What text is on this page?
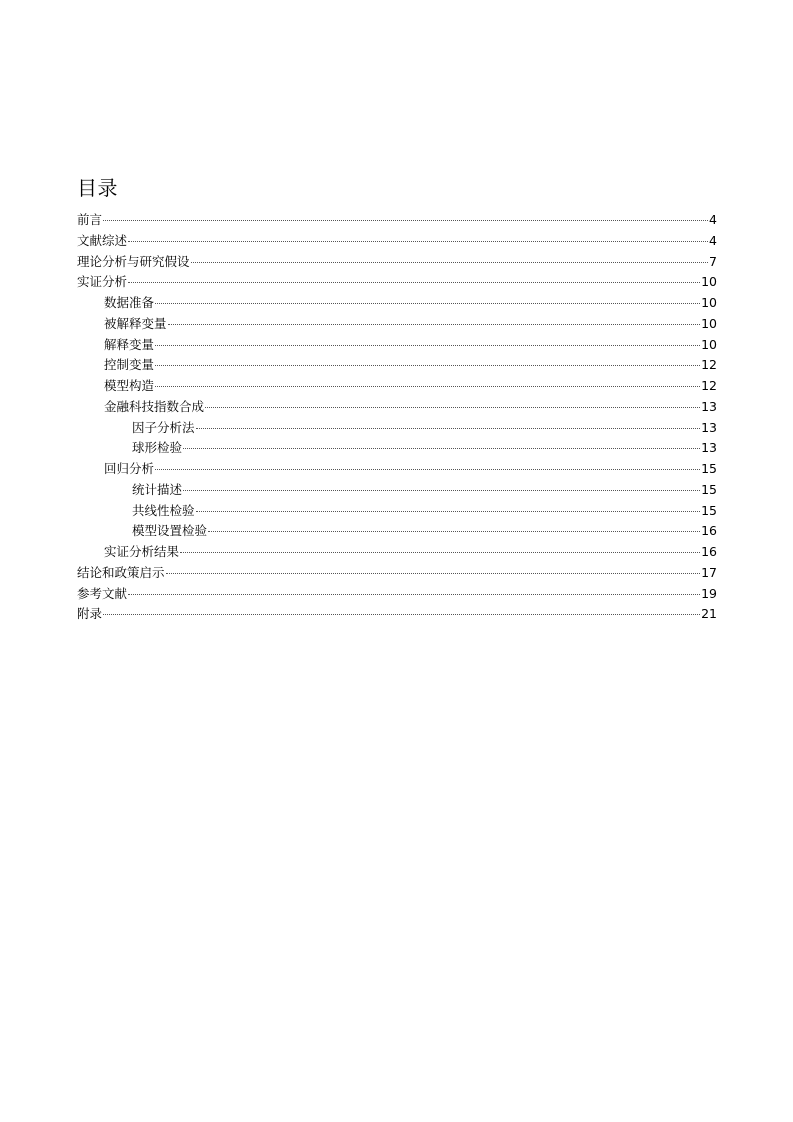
目录
前言	4
文献综述	4
理论分析与研究假设	7
实证分析	10
数据准备	10
被解释变量	10
解释变量	10
控制变量	12
模型构造	12
金融科技指数合成	13
因子分析法	13
球形检验	13
回归分析	15
统计描述	15
共线性检验	15
模型设置检验	16
实证分析结果	16
结论和政策启示	17
参考文献	19
附录	21
